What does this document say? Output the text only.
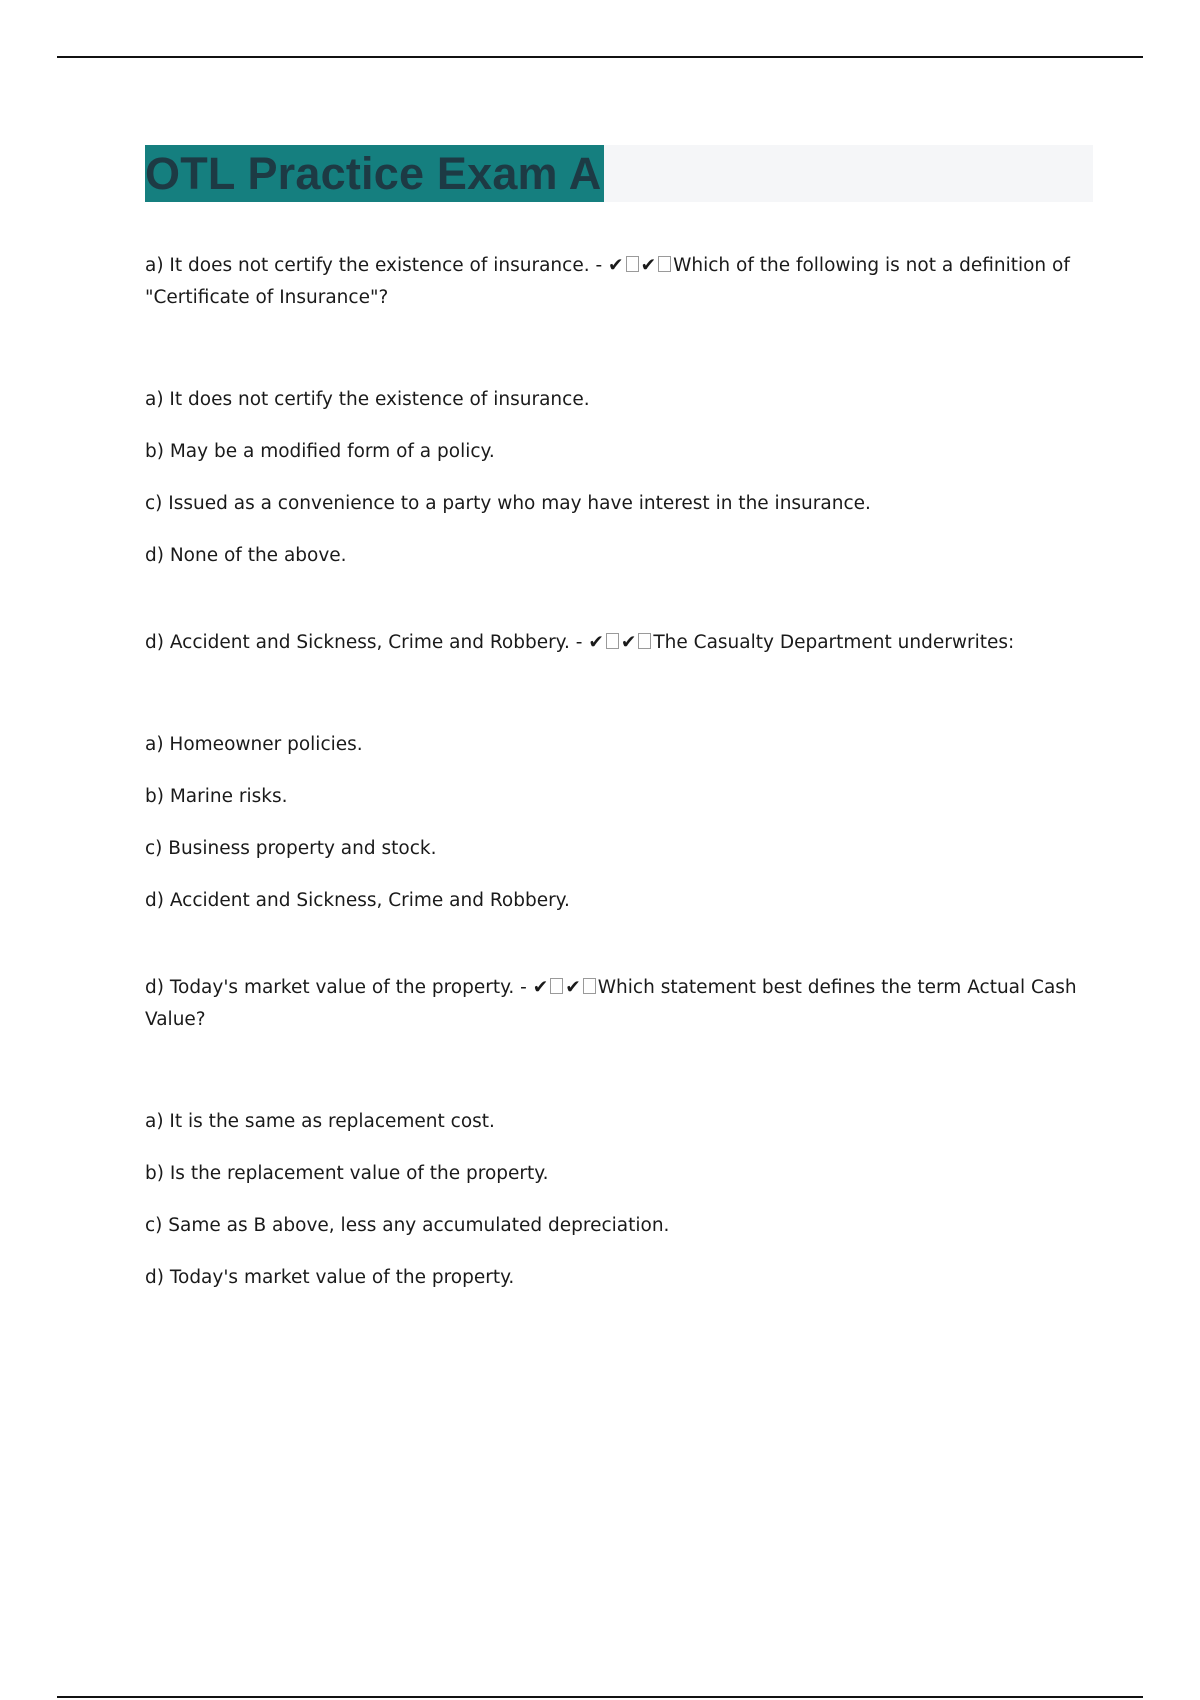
OTL Practice Exam A

a) It does not certify the existence of insurance. - ✔ ✔ Which of the following is not a definition of "Certificate of Insurance"?

a) It does not certify the existence of insurance.

b) May be a modified form of a policy.

c) Issued as a convenience to a party who may have interest in the insurance.

d) None of the above.

d) Accident and Sickness, Crime and Robbery. - ✔ ✔ The Casualty Department underwrites:

a) Homeowner policies.

b) Marine risks.

c) Business property and stock.

d) Accident and Sickness, Crime and Robbery.

d) Today's market value of the property. - ✔ ✔ Which statement best defines the term Actual Cash Value?

a) It is the same as replacement cost.

b) Is the replacement value of the property.

c) Same as B above, less any accumulated depreciation.

d) Today's market value of the property.
